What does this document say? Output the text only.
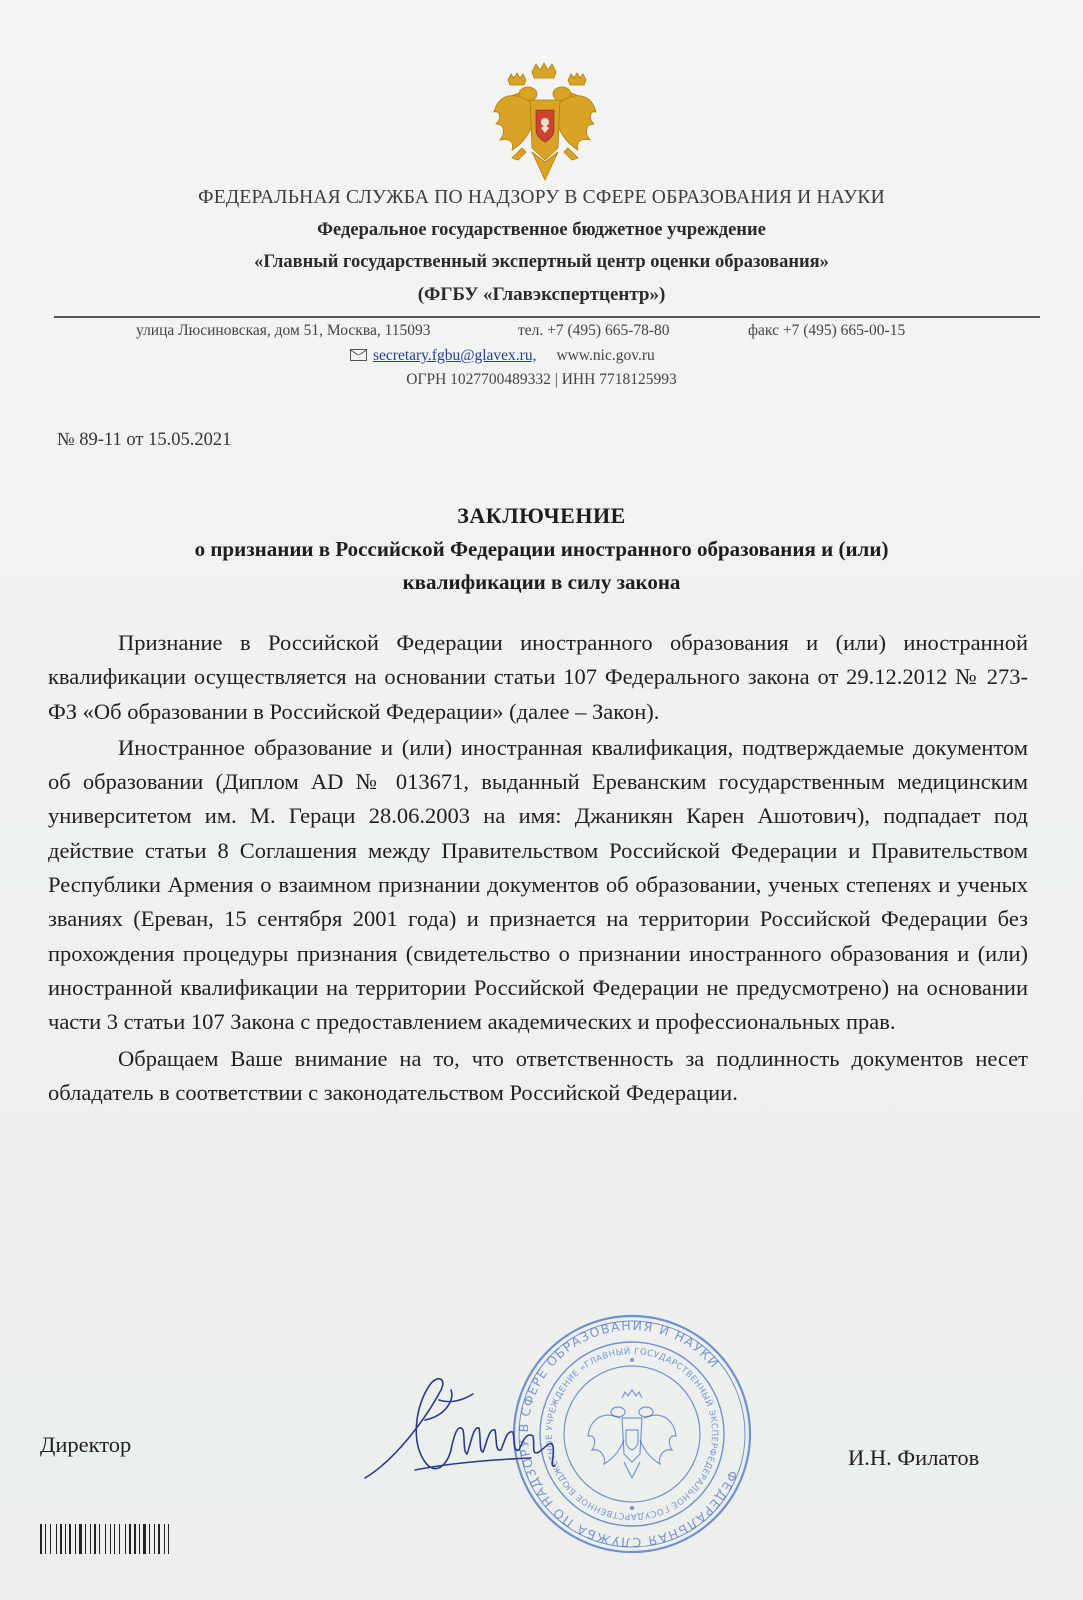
ФЕДЕРАЛЬНАЯ СЛУЖБА ПО НАДЗОРУ В СФЕРЕ ОБРАЗОВАНИЯ И НАУКИ
Федеральное государственное бюджетное учреждение
«Главный государственный экспертный центр оценки образования»
(ФГБУ «Главэкспертцентр»)
улица Люсиновская, дом 51, Москва, 115093	тел. +7 (495) 665-78-80	факс +7 (495) 665-00-15
secretary.fgbu@glavex.ru, www.nic.gov.ru
ОГРН 1027700489332 | ИНН 7718125993
№ 89-11 от 15.05.2021
ЗАКЛЮЧЕНИЕ
о признании в Российской Федерации иностранного образования и (или)
квалификации в силу закона

Признание в Российской Федерации иностранного образования и (или) иностранной квалификации осуществляется на основании статьи 107 Федерального закона от 29.12.2012 № 273-ФЗ «Об образовании в Российской Федерации» (далее – Закон).

Иностранное образование и (или) иностранная квалификация, подтверждаемые документом об образовании (Диплом AD № 013671, выданный Ереванским государственным медицинским университетом им. М. Гераци 28.06.2003 на имя: Джаникян Карен Ашотович), подпадает под действие статьи 8 Соглашения между Правительством Российской Федерации и Правительством Республики Армения о взаимном признании документов об образовании, ученых степенях и ученых званиях (Ереван, 15 сентября 2001 года) и признается на территории Российской Федерации без прохождения процедуры признания (свидетельство о признании иностранного образования и (или) иностранной квалификации на территории Российской Федерации не предусмотрено) на основании части 3 статьи 107 Закона с предоставлением академических и профессиональных прав.

Обращаем Ваше внимание на то, что ответственность за подлинность документов несет обладатель в соответствии с законодательством Российской Федерации.

ФЕДЕРАЛЬНАЯ СЛУЖБА ПО НАДЗОРУ В СФЕРЕ ОБРАЗОВАНИЯ И НАУКИ
ФЕДЕРАЛЬНОЕ ГОСУДАРСТВЕННОЕ БЮДЖЕТНОЕ УЧРЕЖДЕНИЕ «ГЛАВНЫЙ ГОСУДАРСТВЕННЫЙ ЭКСПЕРТНЫЙ
Директор
И.Н. Филатов
